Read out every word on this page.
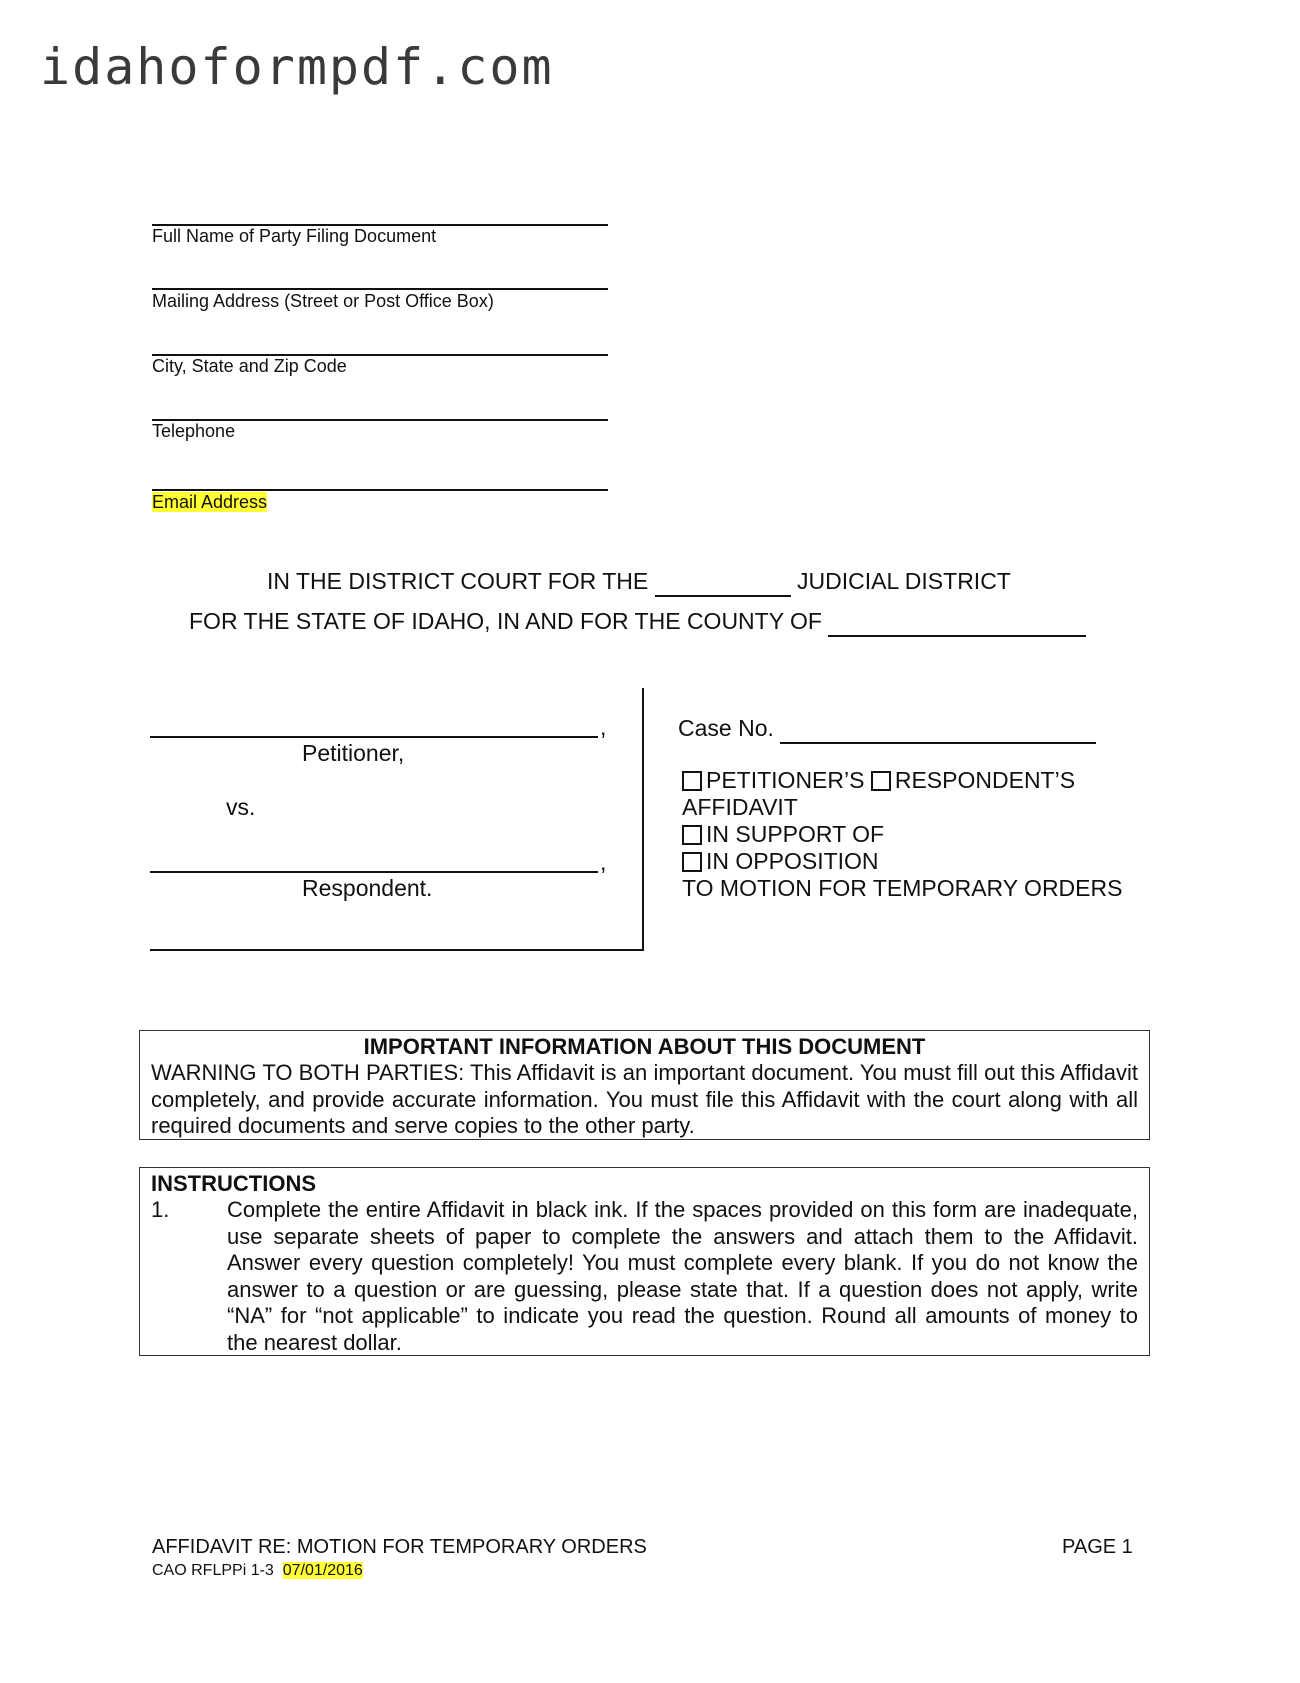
idahoformpdf.com
Full Name of Party Filing Document
Mailing Address (Street or Post Office Box)
City, State and Zip Code
Telephone
Email Address
IN THE DISTRICT COURT FOR THE	JUDICIAL DISTRICT
FOR THE STATE OF IDAHO, IN AND FOR THE COUNTY OF
,
Petitioner,
vs.
,
Respondent.
Case No.
PETITIONER’S RESPONDENT’S
AFFIDAVIT
IN SUPPORT OF
IN OPPOSITION
TO MOTION FOR TEMPORARY ORDERS
IMPORTANT INFORMATION ABOUT THIS DOCUMENT
WARNING TO BOTH PARTIES: This Affidavit is an important document. You must fill out this Affidavit completely, and provide accurate information. You must file this Affidavit with the court along with all required documents and serve copies to the other party.
INSTRUCTIONS
1.	Complete the entire Affidavit in black ink. If the spaces provided on this form are inadequate, use separate sheets of paper to complete the answers and attach them to the Affidavit. Answer every question completely! You must complete every blank. If you do not know the answer to a question or are guessing, please state that. If a question does not apply, write “NA” for “not applicable” to indicate you read the question. Round all amounts of money to the nearest dollar.
AFFIDAVIT RE: MOTION FOR TEMPORARY ORDERS	PAGE 1
CAO RFLPPi 1-3 07/01/2016
